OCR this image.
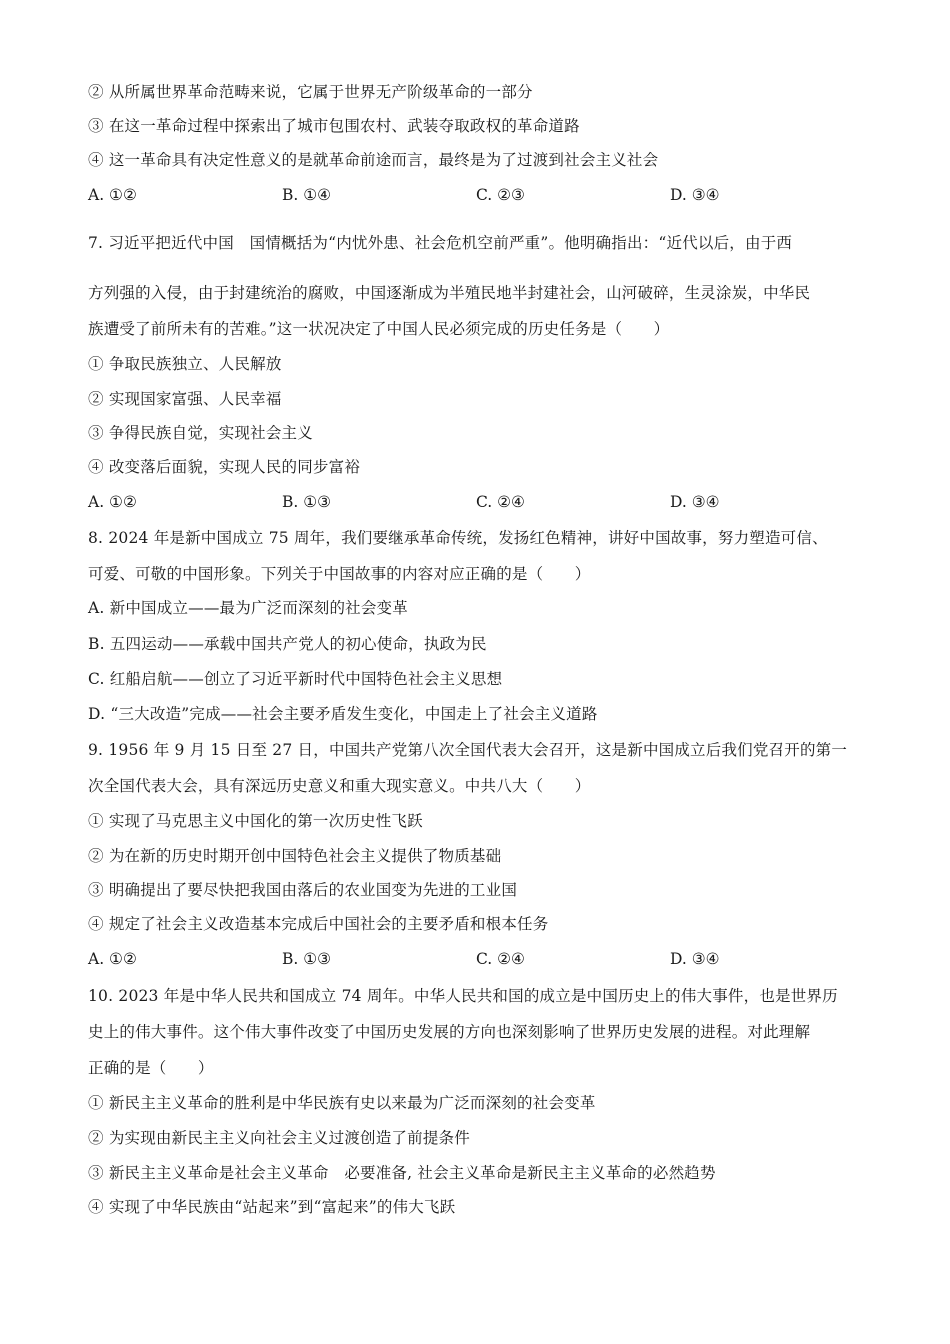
② 从所属世界革命范畴来说，它属于世界无产阶级革命的一部分
③ 在这一革命过程中探索出了城市包围农村、武装夺取政权的革命道路
④ 这一革命具有决定性意义的是就革命前途而言，最终是为了过渡到社会主义社会
A. ①②	B. ①④	C. ②③	D. ③④
7. 习近平把近代中国　国情概括为“内忧外患、社会危机空前严重”。他明确指出：“近代以后，由于西
方列强的入侵，由于封建统治的腐败，中国逐渐成为半殖民地半封建社会，山河破碎，生灵涂炭，中华民
族遭受了前所未有的苦难。”这一状况决定了中国人民必须完成的历史任务是（　　）
① 争取民族独立、人民解放
② 实现国家富强、人民幸福
③ 争得民族自觉，实现社会主义
④ 改变落后面貌，实现人民的同步富裕
A. ①②	B. ①③	C. ②④	D. ③④
8. 2024 年是新中国成立 75 周年，我们要继承革命传统，发扬红色精神，讲好中国故事，努力塑造可信、
可爱、可敬的中国形象。下列关于中国故事的内容对应正确的是（　　）
A. 新中国成立——最为广泛而深刻的社会变革
B. 五四运动——承载中国共产党人的初心使命，执政为民
C. 红船启航——创立了习近平新时代中国特色社会主义思想
D. “三大改造”完成——社会主要矛盾发生变化，中国走上了社会主义道路
9. 1956 年 9 月 15 日至 27 日，中国共产党第八次全国代表大会召开，这是新中国成立后我们党召开的第一
次全国代表大会，具有深远历史意义和重大现实意义。中共八大（　　）
① 实现了马克思主义中国化的第一次历史性飞跃
② 为在新的历史时期开创中国特色社会主义提供了物质基础
③ 明确提出了要尽快把我国由落后的农业国变为先进的工业国
④ 规定了社会主义改造基本完成后中国社会的主要矛盾和根本任务
A. ①②	B. ①③	C. ②④	D. ③④
10. 2023 年是中华人民共和国成立 74 周年。中华人民共和国的成立是中国历史上的伟大事件，也是世界历
史上的伟大事件。这个伟大事件改变了中国历史发展的方向也深刻影响了世界历史发展的进程。对此理解
正确的是（　　）
① 新民主主义革命的胜利是中华民族有史以来最为广泛而深刻的社会变革
② 为实现由新民主主义向社会主义过渡创造了前提条件
③ 新民主主义革命是社会主义革命　必要准备, 社会主义革命是新民主主义革命的必然趋势
④ 实现了中华民族由“站起来”到“富起来”的伟大飞跃
